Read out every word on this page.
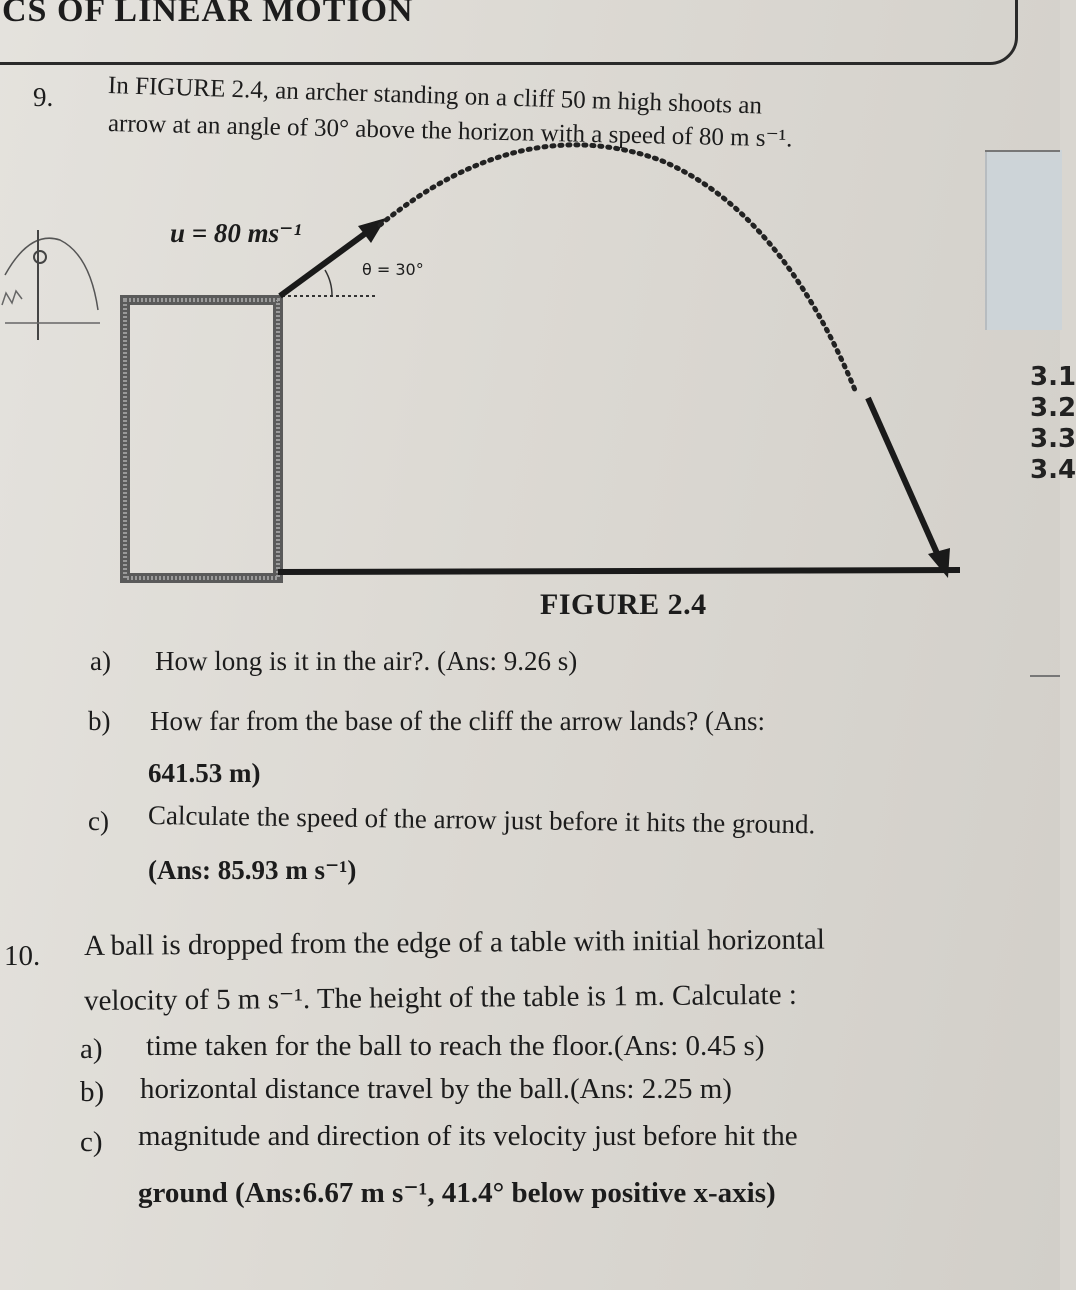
CS OF LINEAR MOTION
3.1
3.2
3.3
3.4
9. In FIGURE 2.4, an archer standing on a cliff 50 m high shoots an
arrow at an angle of 30° above the horizon with a speed of 80 m s⁻¹.
u = 80 ms⁻¹
θ = 30°
FIGURE 2.4
a) How long is it in the air?. (Ans: 9.26 s)
b) How far from the base of the cliff the arrow lands? (Ans:
641.53 m)
c) Calculate the speed of the arrow just before it hits the ground.
(Ans: 85.93 m s⁻¹)
10. A ball is dropped from the edge of a table with initial horizontal
velocity of 5 m s⁻¹. The height of the table is 1 m. Calculate :
a) time taken for the ball to reach the floor.(Ans: 0.45 s)
b) horizontal distance travel by the ball.(Ans: 2.25 m)
c) magnitude and direction of its velocity just before hit the
ground (Ans:6.67 m s⁻¹, 41.4° below positive x-axis)
